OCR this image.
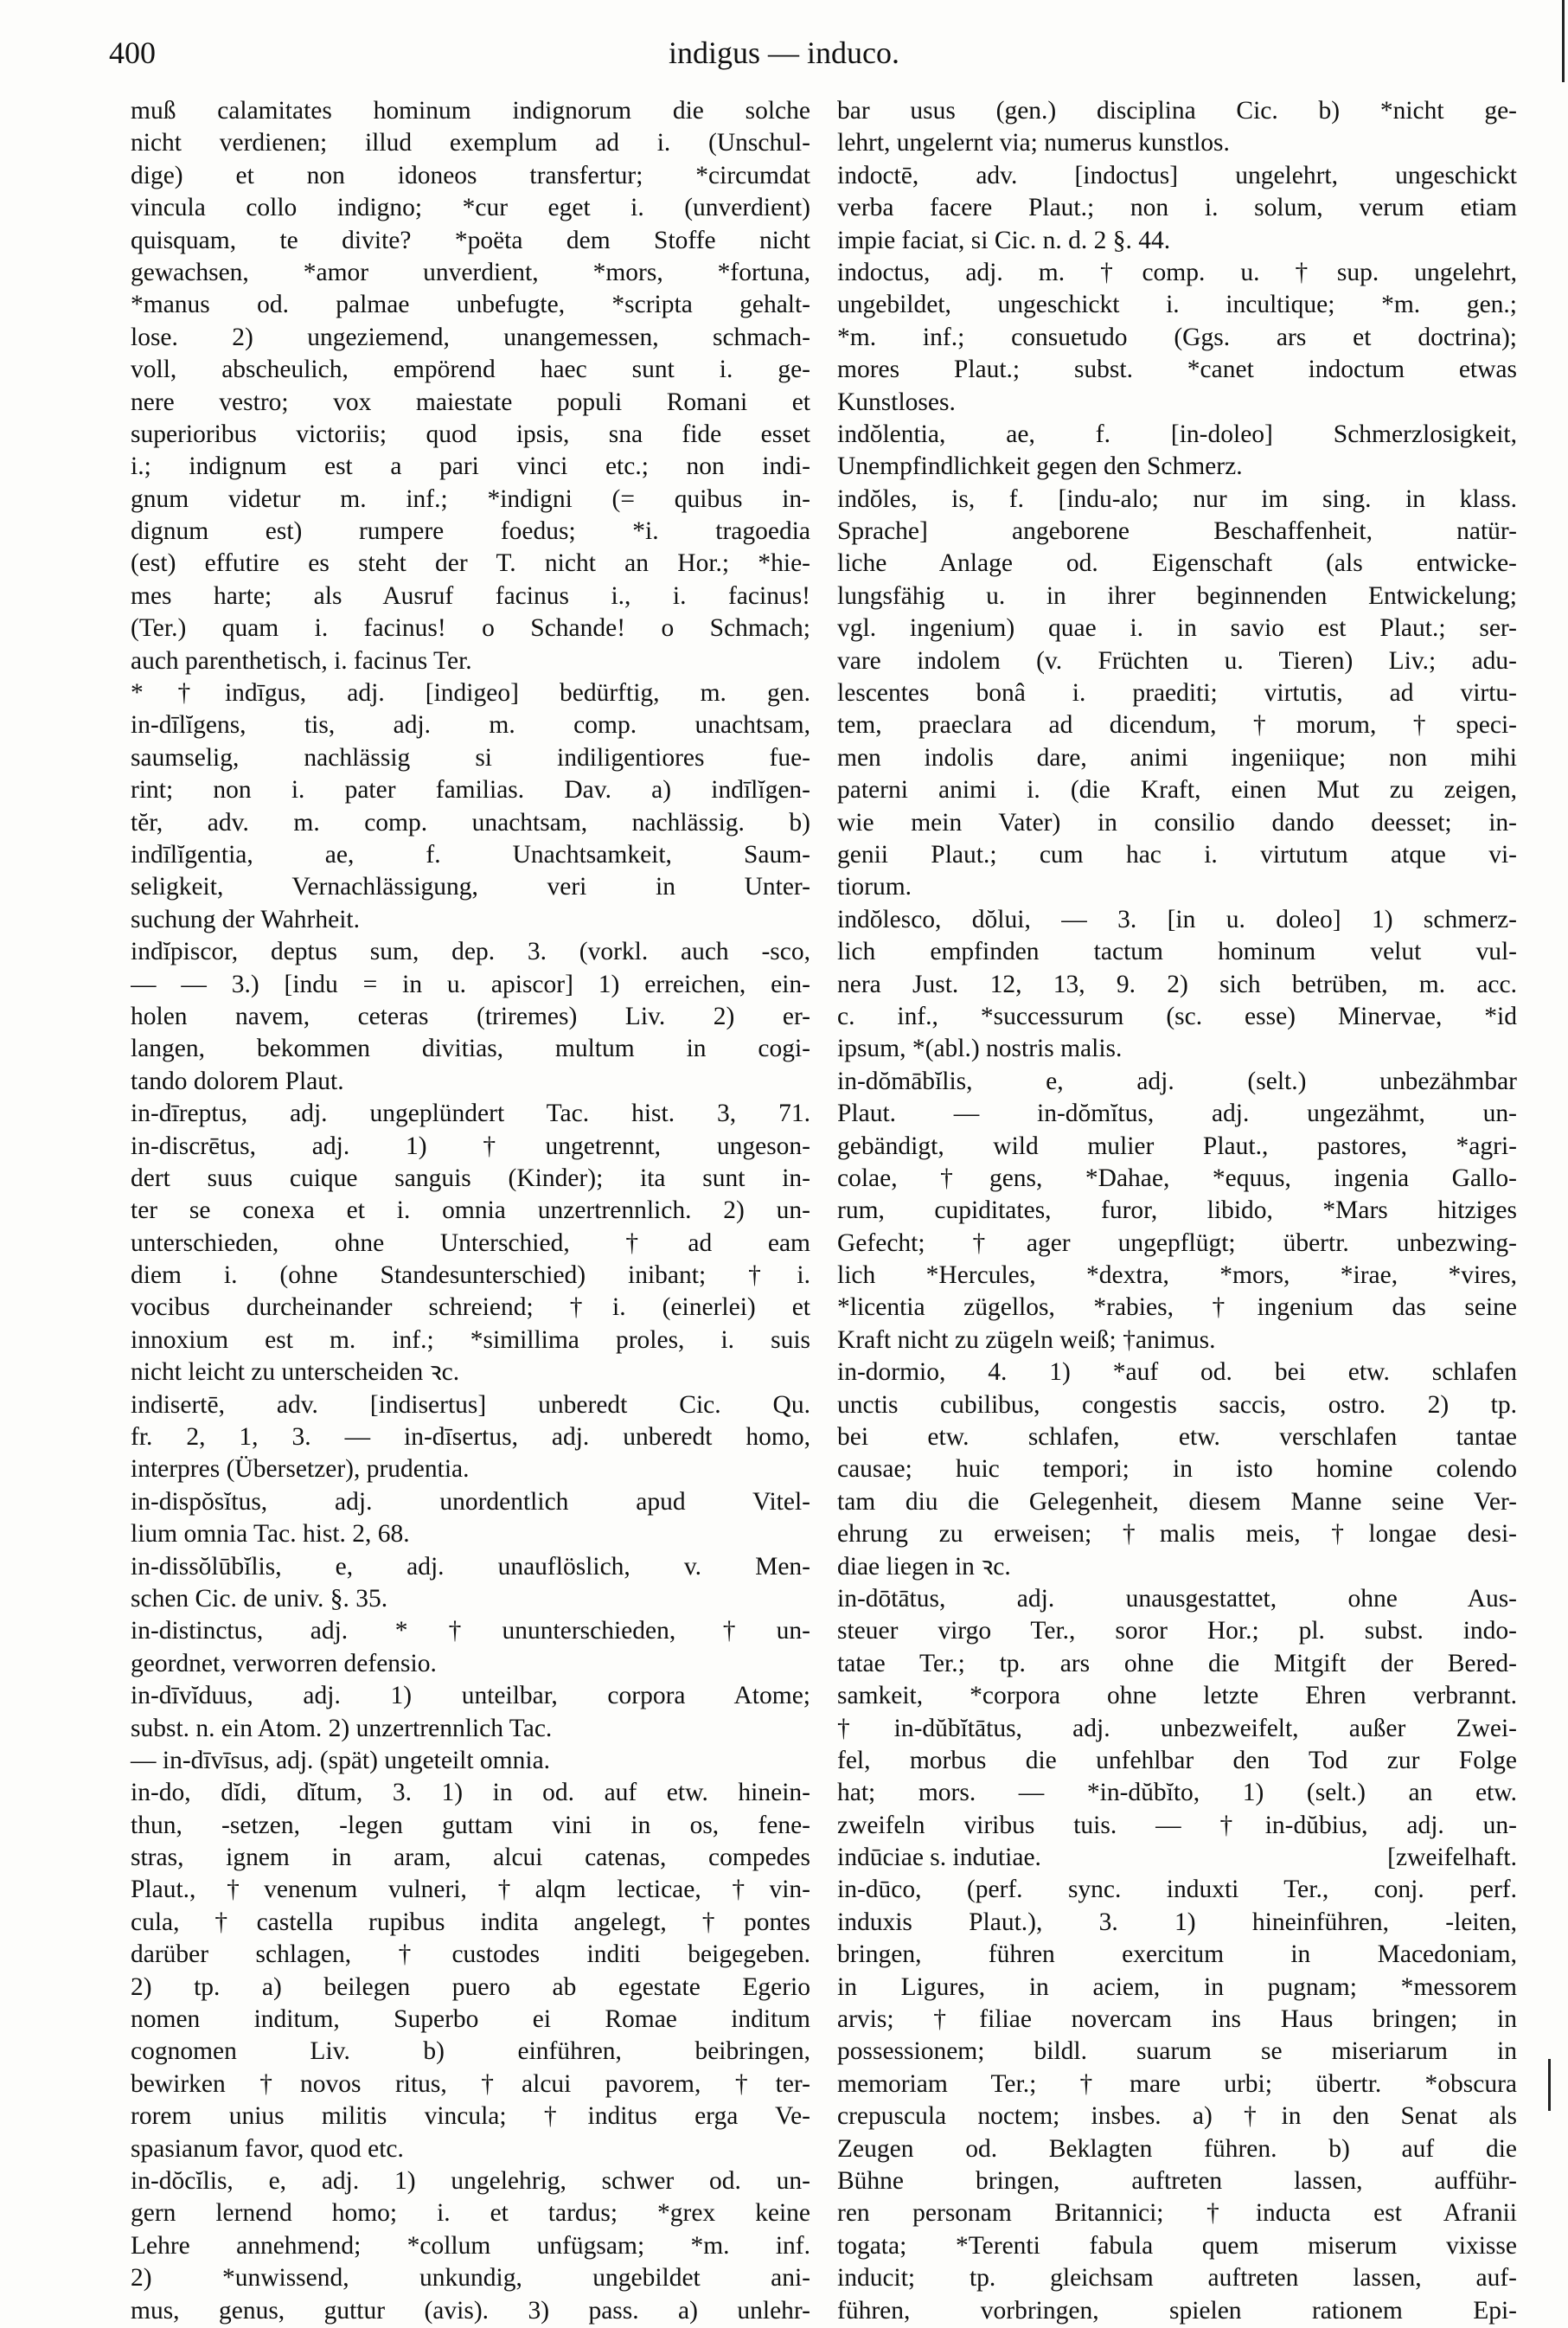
400	indigus — induco.
muß calamitates hominum indignorum die solche
nicht verdienen; illud exemplum ad i. (Unschul-
dige) et non idoneos transfertur; *circumdat
vincula collo indigno; *cur eget i. (unverdient)
quisquam, te divite? *poëta dem Stoffe nicht
gewachsen, *amor unverdient, *mors, *fortuna,
*manus od. palmae unbefugte, *scripta gehalt-
lose. 2) ungeziemend, unangemessen, schmach-
voll, abscheulich, empörend haec sunt i. ge-
nere vestro; vox maiestate populi Romani et
superioribus victoriis; quod ipsis, sna fide esset
i.; indignum est a pari vinci etc.; non indi-
gnum videtur m. inf.; *indigni (= quibus in-
dignum est) rumpere foedus; *i. tragoedia
(est) effutire es steht der T. nicht an Hor.; *hie-
mes harte; als Ausruf facinus i., i. facinus!
(Ter.) quam i. facinus! o Schande! o Schmach;
auch parenthetisch, i. facinus Ter.
*†indīgus, adj. [indigeo] bedürftig, m. gen.
in-dīlĭgens, tis, adj. m. comp. unachtsam,
saumselig, nachlässig si indiligentiores fue-
rint; non i. pater familias. Dav. a) indīlĭgen-
tĕr, adv. m. comp. unachtsam, nachlässig. b)
indīlĭgentia, ae, f. Unachtsamkeit, Saum-
seligkeit, Vernachlässigung, veri in Unter-
suchung der Wahrheit.
indĭpiscor, deptus sum, dep. 3. (vorkl. auch -sco,
— — 3.) [indu = in u. apiscor] 1) erreichen, ein-
holen navem, ceteras (triremes) Liv. 2) er-
langen, bekommen divitias, multum in cogi-
tando dolorem Plaut.
in-dīreptus, adj. ungeplündert Tac. hist. 3, 71.
in-discrētus, adj. 1) †ungetrennt, ungeson-
dert suus cuique sanguis (Kinder); ita sunt in-
ter se conexa et i. omnia unzertrennlich. 2) un-
unterschieden, ohne Unterschied, †ad eam
diem i. (ohne Standesunterschied) inibant; †i.
vocibus durcheinander schreiend; †i. (einerlei) et
innoxium est m. inf.; *simillima proles, i. suis
nicht leicht zu unterscheiden ꝛc.
indisertē, adv. [indisertus] unberedt Cic. Qu.
fr. 2, 1, 3. — in-dīsertus, adj. unberedt homo,
interpres (Übersetzer), prudentia.
in-dispŏsĭtus, adj. unordentlich apud Vitel-
lium omnia Tac. hist. 2, 68.
in-dissŏlūbĭlis, e, adj. unauflöslich, v. Men-
schen Cic. de univ. §. 35.
in-distinctus, adj. *†ununterschieden, †un-
geordnet, verworren defensio.
in-dīvĭduus, adj. 1) unteilbar, corpora Atome;
subst. n. ein Atom. 2) unzertrennlich Tac.
— in-dīvīsus, adj. (spät) ungeteilt omnia.
in-do, dĭdi, dĭtum, 3. 1) in od. auf etw. hinein-
thun, -setzen, -legen guttam vini in os, fene-
stras, ignem in aram, alcui catenas, compedes
Plaut., †venenum vulneri, †alqm lecticae, †vin-
cula, †castella rupibus indita angelegt, †pontes
darüber schlagen, †custodes inditi beigegeben.
2) tp. a) beilegen puero ab egestate Egerio
nomen inditum, Superbo ei Romae inditum
cognomen Liv. b) einführen, beibringen,
bewirken †novos ritus, †alcui pavorem, †ter-
rorem unius militis vincula; †inditus erga Ve-
spasianum favor, quod etc.
in-dŏcĭlis, e, adj. 1) ungelehrig, schwer od. un-
gern lernend homo; i. et tardus; *grex keine
Lehre annehmend; *collum unfügsam; *m. inf.
2) *unwissend, unkundig, ungebildet ani-
mus, genus, guttur (avis). 3) pass. a) unlehr-
bar usus (gen.) disciplina Cic. b) *nicht ge-
lehrt, ungelernt via; numerus kunstlos.
indoctē, adv. [indoctus] ungelehrt, ungeschickt
verba facere Plaut.; non i. solum, verum etiam
impie faciat, si Cic. n. d. 2 §. 44.
indoctus, adj. m. †comp. u. †sup. ungelehrt,
ungebildet, ungeschickt i. incultique; *m. gen.;
*m. inf.; consuetudo (Ggs. ars et doctrina);
mores Plaut.; subst. *canet indoctum etwas
Kunstloses.
indŏlentia, ae, f. [in-doleo] Schmerzlosigkeit,
Unempfindlichkeit gegen den Schmerz.
indŏles, is, f. [indu-alo; nur im sing. in klass.
Sprache] angeborene Beschaffenheit, natür-
liche Anlage od. Eigenschaft (als entwicke-
lungsfähig u. in ihrer beginnenden Entwickelung;
vgl. ingenium) quae i. in savio est Plaut.; ser-
vare indolem (v. Früchten u. Tieren) Liv.; adu-
lescentes bonâ i. praediti; virtutis, ad virtu-
tem, praeclara ad dicendum, †morum, †speci-
men indolis dare, animi ingeniique; non mihi
paterni animi i. (die Kraft, einen Mut zu zeigen,
wie mein Vater) in consilio dando deesset; in-
genii Plaut.; cum hac i. virtutum atque vi-
tiorum.
indŏlesco, dŏlui, — 3. [in u. doleo] 1) schmerz-
lich empfinden tactum hominum velut vul-
nera Just. 12, 13, 9. 2) sich betrüben, m. acc.
c. inf., *successurum (sc. esse) Minervae, *id
ipsum, *(abl.) nostris malis.
in-dŏmābĭlis, e, adj. (selt.) unbezähmbar
Plaut. — in-dŏmĭtus, adj. ungezähmt, un-
gebändigt, wild mulier Plaut., pastores, *agri-
colae, †gens, *Dahae, *equus, ingenia Gallo-
rum, cupiditates, furor, libido, *Mars hitziges
Gefecht; †ager ungepflügt; übertr. unbezwing-
lich *Hercules, *dextra, *mors, *irae, *vires,
*licentia zügellos, *rabies, †ingenium das seine
Kraft nicht zu zügeln weiß; †animus.
in-dormio, 4. 1) *auf od. bei etw. schlafen
unctis cubilibus, congestis saccis, ostro. 2) tp.
bei etw. schlafen, etw. verschlafen tantae
causae; huic tempori; in isto homine colendo
tam diu die Gelegenheit, diesem Manne seine Ver-
ehrung zu erweisen; †malis meis, †longae desi-
diae liegen in ꝛc.
in-dōtātus, adj. unausgestattet, ohne Aus-
steuer virgo Ter., soror Hor.; pl. subst. indo-
tatae Ter.; tp. ars ohne die Mitgift der Bered-
samkeit, *corpora ohne letzte Ehren verbrannt.
†in-dŭbĭtātus, adj. unbezweifelt, außer Zwei-
fel, morbus die unfehlbar den Tod zur Folge
hat; mors. — *in-dŭbĭto, 1) (selt.) an etw.
zweifeln viribus tuis. — †in-dŭbius, adj. un-
indūciae s. indutiae.	[zweifelhaft.
in-dūco, (perf. sync. induxti Ter., conj. perf.
induxis Plaut.), 3. 1) hineinführen, -leiten,
bringen, führen exercitum in Macedoniam,
in Ligures, in aciem, in pugnam; *messorem
arvis; †filiae novercam ins Haus bringen; in
possessionem; bildl. suarum se miseriarum in
memoriam Ter.; †mare urbi; übertr. *obscura
crepuscula noctem; insbes. a) †in den Senat als
Zeugen od. Beklagten führen. b) auf die
Bühne bringen, auftreten lassen, aufführ-
ren personam Britannici; †inducta est Afranii
togata; *Terenti fabula quem miserum vixisse
inducit; tp. gleichsam auftreten lassen, auf-
führen, vorbringen, spielen rationem Epi-
